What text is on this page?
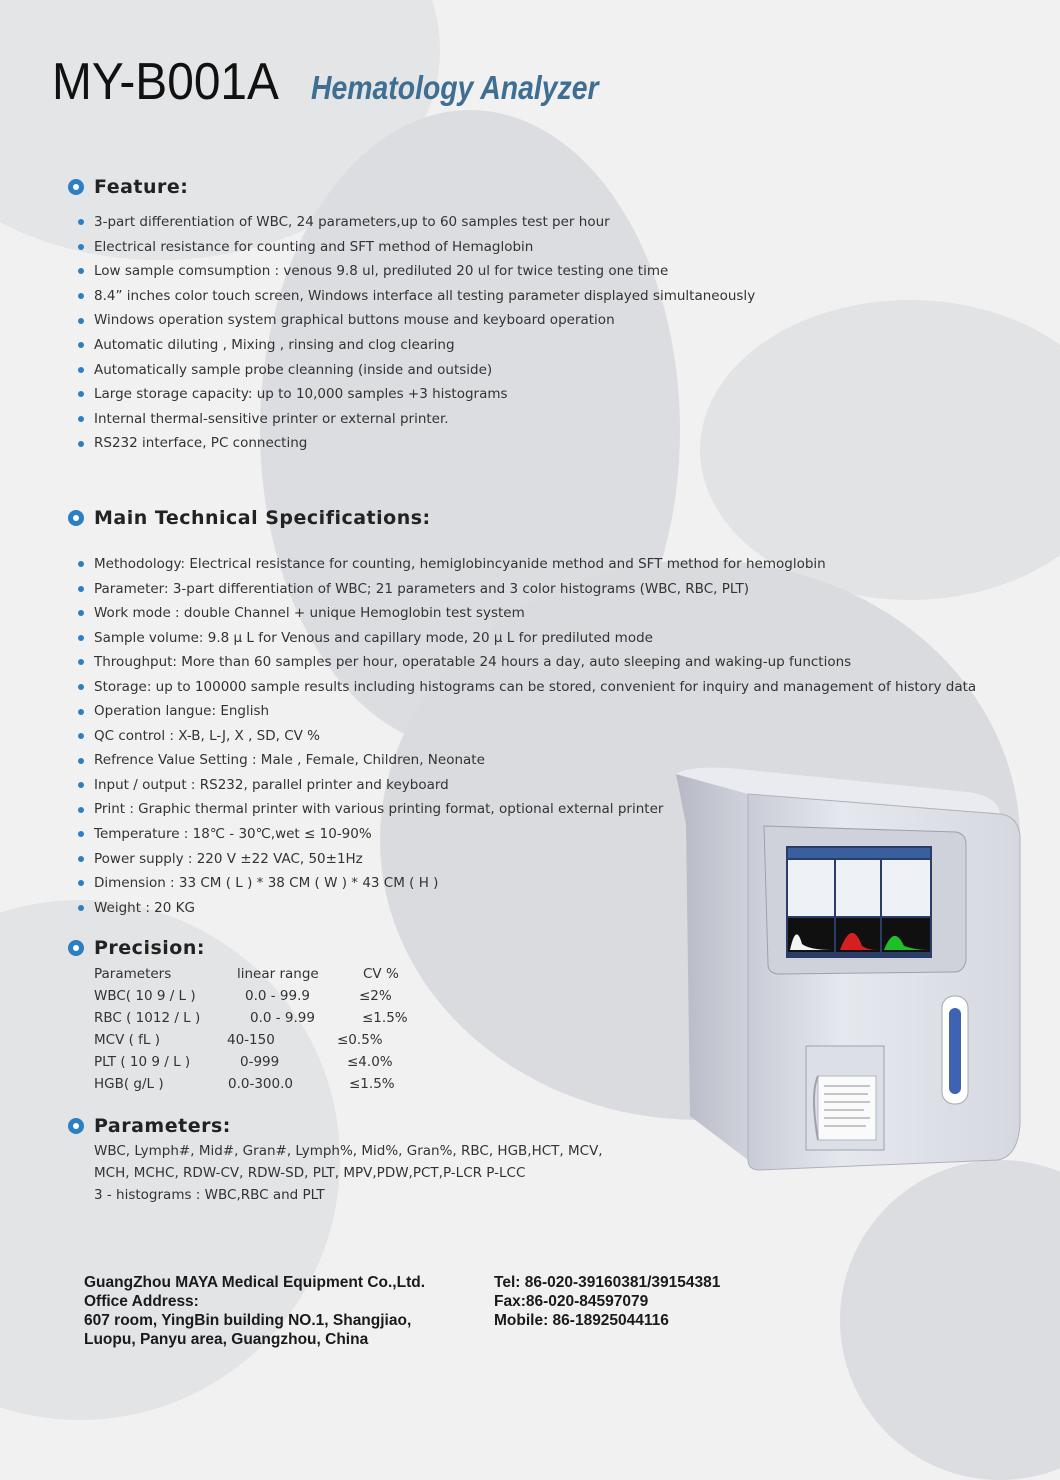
MY-B001A Hematology Analyzer
Feature:
3-part differentiation of WBC, 24 parameters,up to 60 samples test per hour
Electrical resistance for counting and SFT method of Hemaglobin
Low sample comsumption : venous 9.8 ul, prediluted 20 ul for twice testing one time
8.4” inches color touch screen, Windows interface all testing parameter displayed simultaneously
Windows operation system graphical buttons mouse and keyboard operation
Automatic diluting , Mixing , rinsing and clog clearing
Automatically sample probe cleanning (inside and outside)
Large storage capacity: up to 10,000 samples +3 histograms
Internal thermal-sensitive printer or external printer.
RS232 interface, PC connecting
Main Technical Specifications:
Methodology: Electrical resistance for counting, hemiglobincyanide method and SFT method for hemoglobin
Parameter: 3-part differentiation of WBC; 21 parameters and 3 color histograms (WBC, RBC, PLT)
Work mode : double Channel + unique Hemoglobin test system
Sample volume: 9.8 μ L for Venous and capillary mode, 20 μ L for prediluted mode
Throughput: More than 60 samples per hour, operatable 24 hours a day, auto sleeping and waking-up functions
Storage: up to 100000 sample results including histograms can be stored, convenient for inquiry and management of history data
Operation langue: English
QC control : X-B, L-J, X , SD, CV %
Refrence Value Setting : Male , Female, Children, Neonate
Input / output : RS232, parallel printer and keyboard
Print : Graphic thermal printer with various printing format, optional external printer
Temperature : 18℃ - 30℃,wet ≤ 10-90%
Power supply : 220 V ±22 VAC, 50±1Hz
Dimension : 33 CM ( L ) * 38 CM ( W ) * 43 CM ( H )
Weight : 20 KG
Precision:
Parameters	linear range	CV %
WBC( 10 9 / L )	0.0 - 99.9	≤2%
RBC ( 1012 / L )	0.0 - 9.99	≤1.5%
MCV ( fL )	40-150	≤0.5%
PLT ( 10 9 / L )	0-999	≤4.0%
HGB( g/L )	0.0-300.0	≤1.5%
Parameters:
WBC, Lymph#, Mid#, Gran#, Lymph%, Mid%, Gran%, RBC, HGB,HCT, MCV,
MCH, MCHC, RDW-CV, RDW-SD, PLT, MPV,PDW,PCT,P-LCR P-LCC
3 - histograms : WBC,RBC and PLT
GuangZhou MAYA Medical Equipment Co.,Ltd.
Office Address:
607 room, YingBin building NO.1, Shangjiao,
Luopu, Panyu area, Guangzhou, China
Tel: 86-020-39160381/39154381
Fax:86-020-84597079
Mobile: 86-18925044116
